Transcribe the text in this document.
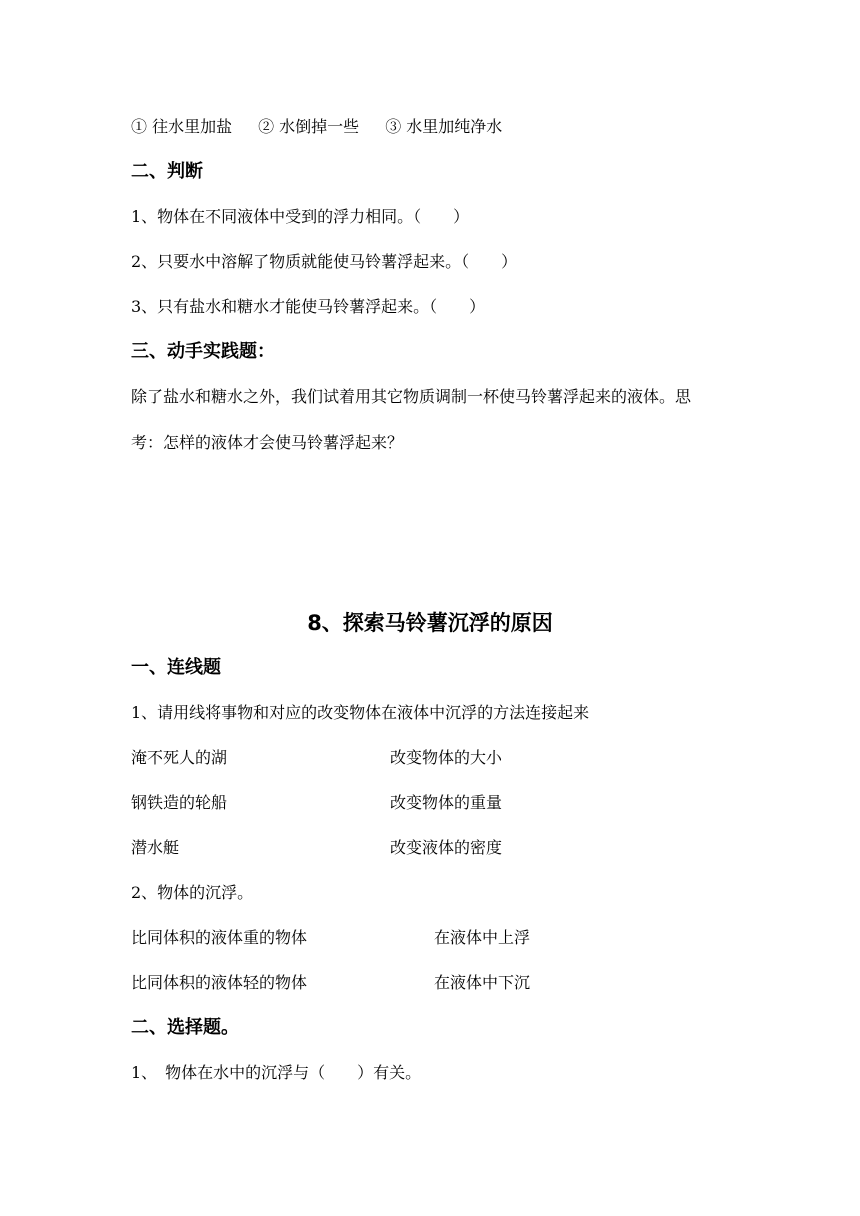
① 往水里加盐 ② 水倒掉一些 ③ 水里加纯净水
二、判断
1、物体在不同液体中受到的浮力相同。（　　）
2、只要水中溶解了物质就能使马铃薯浮起来。（　　）
3、只有盐水和糖水才能使马铃薯浮起来。（　　）
三、动手实践题：
除了盐水和糖水之外，我们试着用其它物质调制一杯使马铃薯浮起来的液体。思
考：怎样的液体才会使马铃薯浮起来？
8、探索马铃薯沉浮的原因
一、连线题
1、请用线将事物和对应的改变物体在液体中沉浮的方法连接起来
淹不死人的湖	改变物体的大小
钢铁造的轮船	改变物体的重量
潜水艇	改变液体的密度
2、物体的沉浮。
比同体积的液体重的物体	在液体中上浮
比同体积的液体轻的物体	在液体中下沉
二、选择题。
1、　物体在水中的沉浮与（　　）有关。
